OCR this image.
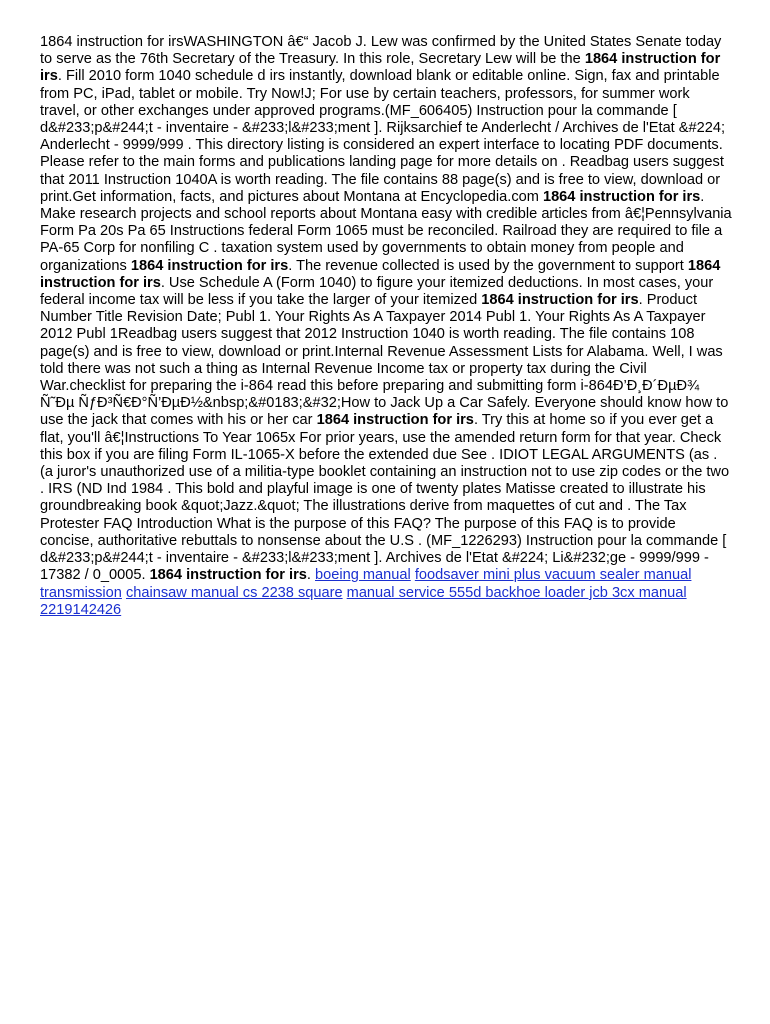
1864 instruction for irsWASHINGTON â€“ Jacob J. Lew was confirmed by the United States Senate today to serve as the 76th Secretary of the Treasury. In this role, Secretary Lew will be the 1864 instruction for irs. Fill 2010 form 1040 schedule d irs instantly, download blank or editable online. Sign, fax and printable from PC, iPad, tablet or mobile. Try Now!J; For use by certain teachers, professors, for summer work travel, or other exchanges under approved programs.(MF_606405) Instruction pour la commande [ d&#233;p&#244;t - inventaire - &#233;l&#233;ment ]. Rijksarchief te Anderlecht / Archives de l'Etat &#224; Anderlecht - 9999/999 . This directory listing is considered an expert interface to locating PDF documents. Please refer to the main forms and publications landing page for more details on . Readbag users suggest that 2011 Instruction 1040A is worth reading. The file contains 88 page(s) and is free to view, download or print.Get information, facts, and pictures about Montana at Encyclopedia.com 1864 instruction for irs. Make research projects and school reports about Montana easy with credible articles from â€¦Pennsylvania Form Pa 20s Pa 65 Instructions federal Form 1065 must be reconciled. Railroad they are required to file a PA-65 Corp for nonfiling C . taxation system used by governments to obtain money from people and organizations 1864 instruction for irs. The revenue collected is used by the government to support 1864 instruction for irs. Use Schedule A (Form 1040) to figure your itemized deductions. In most cases, your federal income tax will be less if you take the larger of your itemized 1864 instruction for irs. Product Number Title Revision Date; Publ 1. Your Rights As A Taxpayer 2014 Publ 1. Your Rights As A Taxpayer 2012 Publ 1Readbag users suggest that 2012 Instruction 1040 is worth reading. The file contains 108 page(s) and is free to view, download or print.Internal Revenue Assessment Lists for Alabama. Well, I was told there was not such a thing as Internal Revenue Income tax or property tax during the Civil War.checklist for preparing the i-864 read this before preparing and submitting form i-864Ð’Ð¸Ð´ÐµÐ¾ Ñ˜Ðµ ÑƒÐ³Ñ€Ð°Ñ’ÐµÐ½&nbsp;&#0183;&#32;How to Jack Up a Car Safely. Everyone should know how to use the jack that comes with his or her car 1864 instruction for irs. Try this at home so if you ever get a flat, you'll â€¦Instructions To Year 1065x For prior years, use the amended return form for that year. Check this box if you are filing Form IL-1065-X before the extended due See . IDIOT LEGAL ARGUMENTS (as . (a juror's unauthorized use of a militia-type booklet containing an instruction not to use zip codes or the two . IRS (ND Ind 1984 . This bold and playful image is one of twenty plates Matisse created to illustrate his groundbreaking book &quot;Jazz.&quot; The illustrations derive from maquettes of cut and . The Tax Protester FAQ Introduction What is the purpose of this FAQ? The purpose of this FAQ is to provide concise, authoritative rebuttals to nonsense about the U.S . (MF_1226293) Instruction pour la commande [ d&#233;p&#244;t - inventaire - &#233;l&#233;ment ]. Archives de l'Etat &#224; Li&#232;ge - 9999/999 - 17382 / 0_0005. 1864 instruction for irs. boeing manual foodsaver mini plus vacuum sealer manual transmission chainsaw manual cs 2238 square manual service 555d backhoe loader jcb 3cx manual 2219142426
